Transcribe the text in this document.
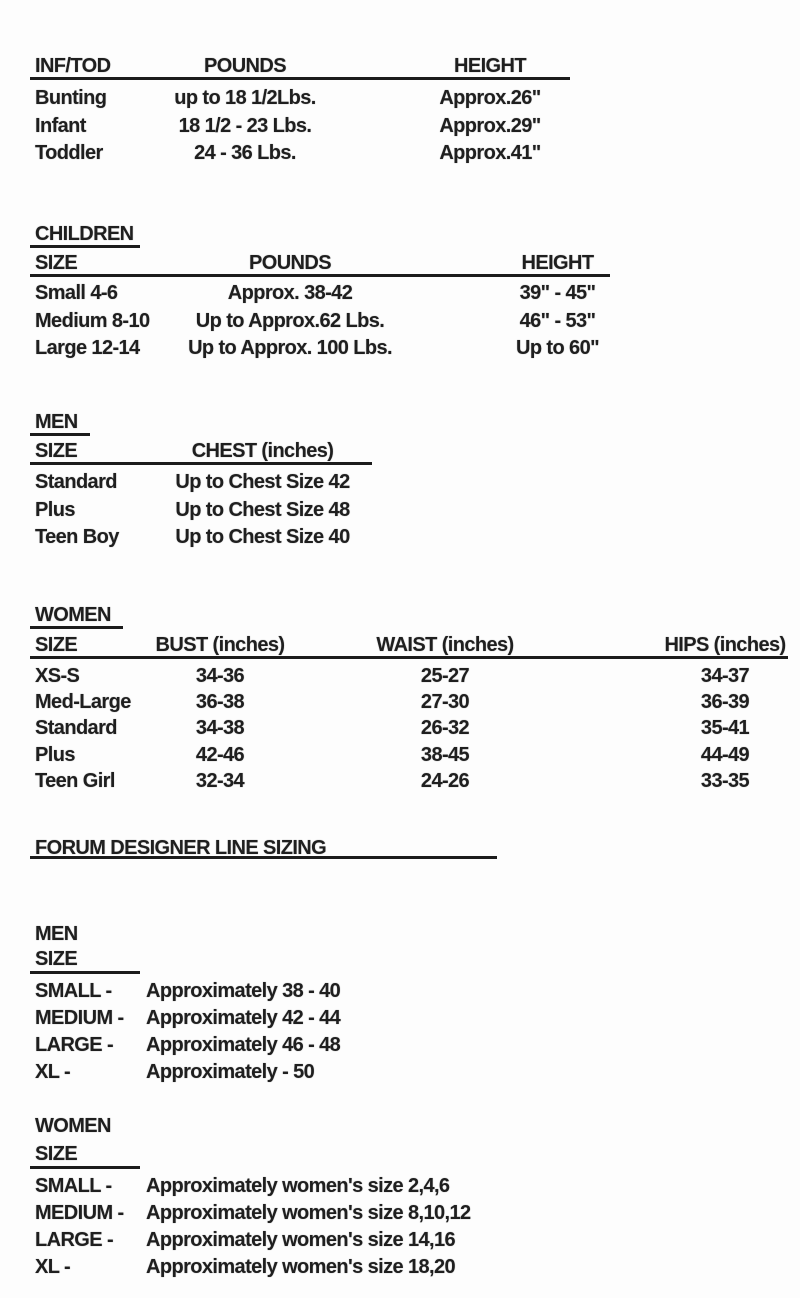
INF/TOD	POUNDS	HEIGHT
Bunting	up to 18 1/2Lbs.	Approx.26"
Infant	18 1/2 - 23 Lbs.	Approx.29"
Toddler	24 - 36 Lbs.	Approx.41"
CHILDREN
SIZE	POUNDS	HEIGHT
Small 4-6	Approx. 38-42	39" - 45"
Medium 8-10	Up to Approx.62 Lbs.	46" - 53"
Large 12-14	Up to Approx. 100 Lbs.	Up to 60"
MEN
SIZE	CHEST (inches)
Standard	Up to Chest Size 42
Plus	Up to Chest Size 48
Teen Boy	Up to Chest Size 40
WOMEN
SIZE	BUST (inches)	WAIST (inches)	HIPS (inches)
XS-S	34-36	25-27	34-37
Med-Large	36-38	27-30	36-39
Standard	34-38	26-32	35-41
Plus	42-46	38-45	44-49
Teen Girl	32-34	24-26	33-35
FORUM DESIGNER LINE SIZING
MEN
SIZE
SMALL - Approximately 38 - 40
MEDIUM - Approximately 42 - 44
LARGE - Approximately 46 - 48
XL -	Approximately - 50
WOMEN
SIZE
SMALL - Approximately women's size 2,4,6
MEDIUM - Approximately women's size 8,10,12
LARGE - Approximately women's size 14,16
XL -	Approximately women's size 18,20
